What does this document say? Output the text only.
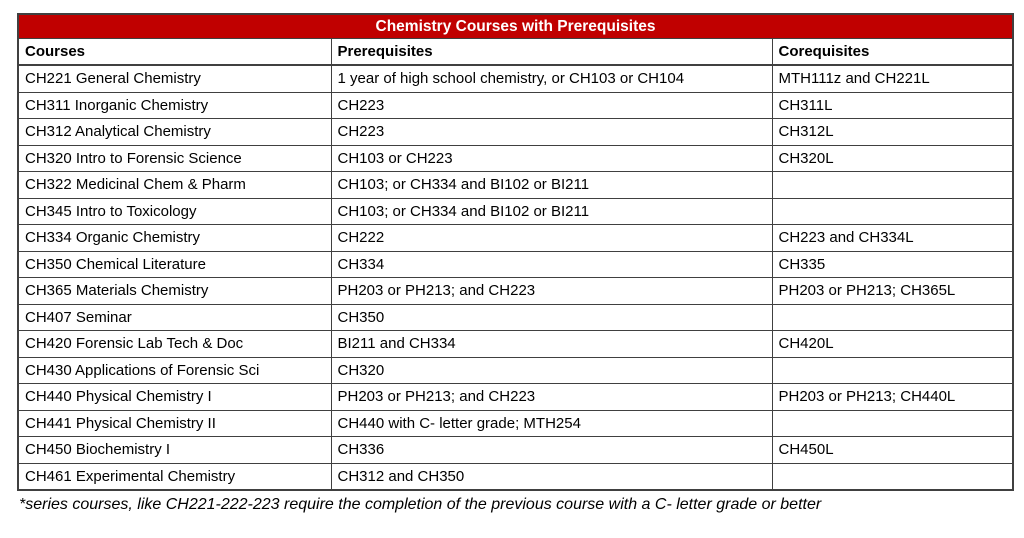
Chemistry Courses with Prerequisites		
Courses	Prerequisites	Corequisites
CH221 General Chemistry	1 year of high school chemistry, or CH103 or CH104	MTH111z and CH221L
CH311 Inorganic Chemistry	CH223	CH311L
CH312 Analytical Chemistry	CH223	CH312L
CH320 Intro to Forensic Science	CH103 or CH223	CH320L
CH322 Medicinal Chem & Pharm	CH103; or CH334 and BI102 or BI211	
CH345 Intro to Toxicology	CH103; or CH334 and BI102 or BI211	
CH334 Organic Chemistry	CH222	CH223 and CH334L
CH350 Chemical Literature	CH334	CH335
CH365 Materials Chemistry	PH203 or PH213; and CH223	PH203 or PH213; CH365L
CH407 Seminar	CH350	
CH420 Forensic Lab Tech & Doc	BI211 and CH334	CH420L
CH430 Applications of Forensic Sci	CH320	
CH440 Physical Chemistry I	PH203 or PH213; and CH223	PH203 or PH213; CH440L
CH441 Physical Chemistry II	CH440 with C- letter grade; MTH254	
CH450 Biochemistry I	CH336	CH450L
CH461 Experimental Chemistry	CH312 and CH350	
*series courses, like CH221-222-223 require the completion of the previous course with a C- letter grade or better
